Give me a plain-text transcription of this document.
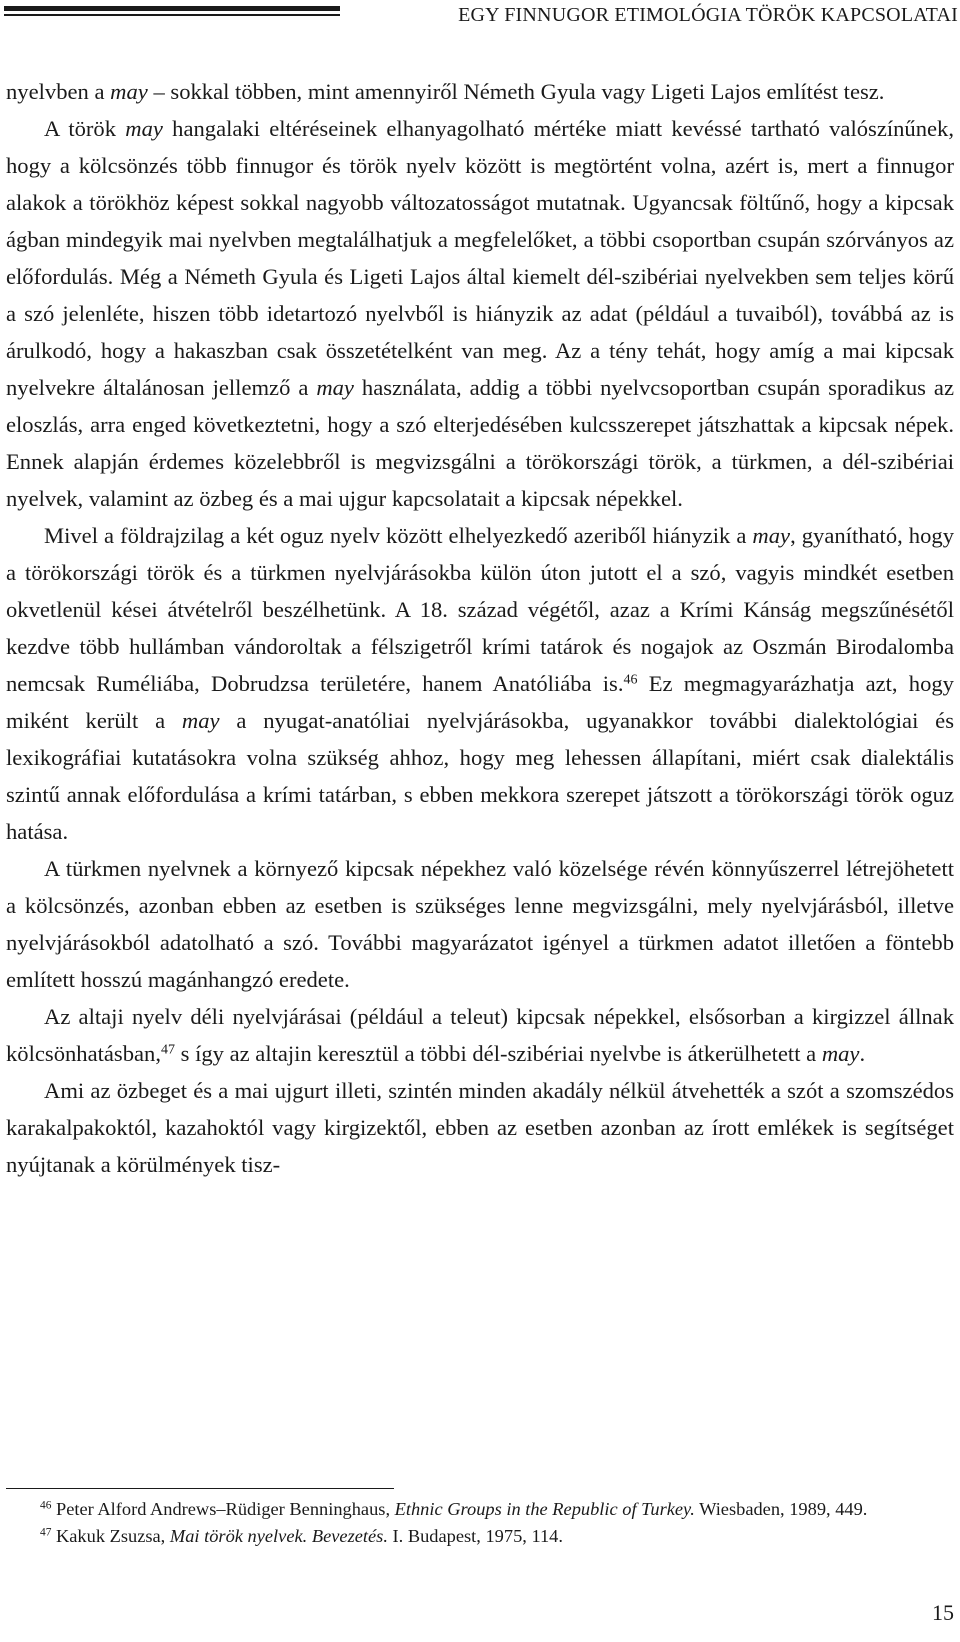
EGY FINNUGOR ETIMOLÓGIA TÖRÖK KAPCSOLATAI

nyelvben a may – sokkal többen, mint amennyiről Németh Gyula vagy Ligeti Lajos említést tesz.

A török may hangalaki eltéréseinek elhanyagolható mértéke miatt kevéssé tartható valószínűnek, hogy a kölcsönzés több finnugor és török nyelv között is megtörtént volna, azért is, mert a finnugor alakok a törökhöz képest sokkal nagyobb változatosságot mutatnak. Ugyancsak föltűnő, hogy a kipcsak ágban mindegyik mai nyelvben megtalálhatjuk a megfelelőket, a többi csoportban csupán szórványos az előfordulás. Még a Németh Gyula és Ligeti Lajos által kiemelt dél-szibériai nyelvekben sem teljes körű a szó jelenléte, hiszen több idetartozó nyelvből is hiányzik az adat (például a tuvaiból), továbbá az is árulkodó, hogy a hakaszban csak összetételként van meg. Az a tény tehát, hogy amíg a mai kipcsak nyelvekre általánosan jellemző a may használata, addig a többi nyelvcsoportban csupán sporadikus az eloszlás, arra enged következtetni, hogy a szó elterjedésében kulcsszerepet játszhattak a kipcsak népek. Ennek alapján érdemes közelebbről is megvizsgálni a törökországi török, a türkmen, a dél-szibériai nyelvek, valamint az özbeg és a mai ujgur kapcsolatait a kipcsak népekkel.

Mivel a földrajzilag a két oguz nyelv között elhelyezkedő azeriből hiányzik a may, gyanítható, hogy a törökországi török és a türkmen nyelvjárásokba külön úton jutott el a szó, vagyis mindkét esetben okvetlenül kései átvételről beszélhetünk. A 18. század végétől, azaz a Krími Kánság megszűnésétől kezdve több hullámban vándoroltak a félszigetről krími tatárok és nogajok az Oszmán Birodalomba nemcsak Ruméliába, Dobrudzsa területére, hanem Anatóliába is.$^{46}$ Ez megmagyarázhatja azt, hogy miként került a may a nyugat-anatóliai nyelvjárásokba, ugyanakkor további dialektológiai és lexikográfiai kutatásokra volna szükség ahhoz, hogy meg lehessen állapítani, miért csak dialektális szintű annak előfordulása a krími tatárban, s ebben mekkora szerepet játszott a törökországi török oguz hatása.

A türkmen nyelvnek a környező kipcsak népekhez való közelsége révén könnyűszerrel létrejöhetett a kölcsönzés, azonban ebben az esetben is szükséges lenne megvizsgálni, mely nyelvjárásból, illetve nyelvjárásokból adatolható a szó. További magyarázatot igényel a türkmen adatot illetően a föntebb említett hosszú magánhangzó eredete.

Az altaji nyelv déli nyelvjárásai (például a teleut) kipcsak népekkel, elsősorban a kirgizzel állnak kölcsönhatásban,$^{47}$ s így az altajin keresztül a többi dél-szibériai nyelvbe is átkerülhetett a may.

Ami az özbeget és a mai ujgurt illeti, szintén minden akadály nélkül átvehették a szót a szomszédos karakalpakoktól, kazahoktól vagy kirgizektől, ebben az esetben azonban az írott emlékek is segítséget nyújtanak a körülmények tisz-

$^{46}$ Peter Alford Andrews–Rüdiger Benninghaus, Ethnic Groups in the Republic of Turkey. Wiesbaden, 1989, 449.

$^{47}$ Kakuk Zsuzsa, Mai török nyelvek. Bevezetés. I. Budapest, 1975, 114.

15
